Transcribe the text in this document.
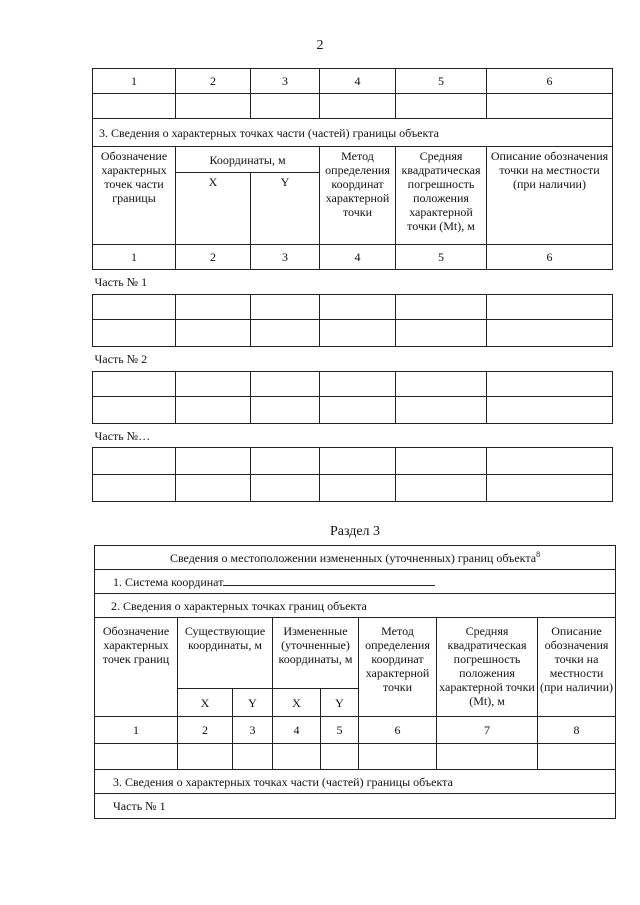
2
1	2	3	4	5	6

3. Сведения о характерных точках части (частей) границы объекта					
Обозначение характерных точек части границы	Координаты, м		Метод определения координат характерной точки	Средняя квадратическая погрешность положения характерной точки (Mt), м	Описание обозначения точки на местности (при наличии)
	X	Y			
1	2	3	4	5	6
Часть № 1					

Часть № 2					

Часть №…					

Раздел 3
Сведения о местоположении измененных (уточненных) границ объекта$^8$
1. Система координат							
2. Сведения о характерных точках границ объекта							
Обозначение характерных точек границ	Существующие координаты, м		Измененные (уточненные) координаты, м		Метод определения координат характерной точки	Средняя квадратическая погрешность положения характерной точки (Mt), м	Описание обозначения точки на местности (при наличии)
	X	Y	X	Y			
1	2	3	4	5	6	7	8

3. Сведения о характерных точках части (частей) границы объекта							
Часть № 1							
